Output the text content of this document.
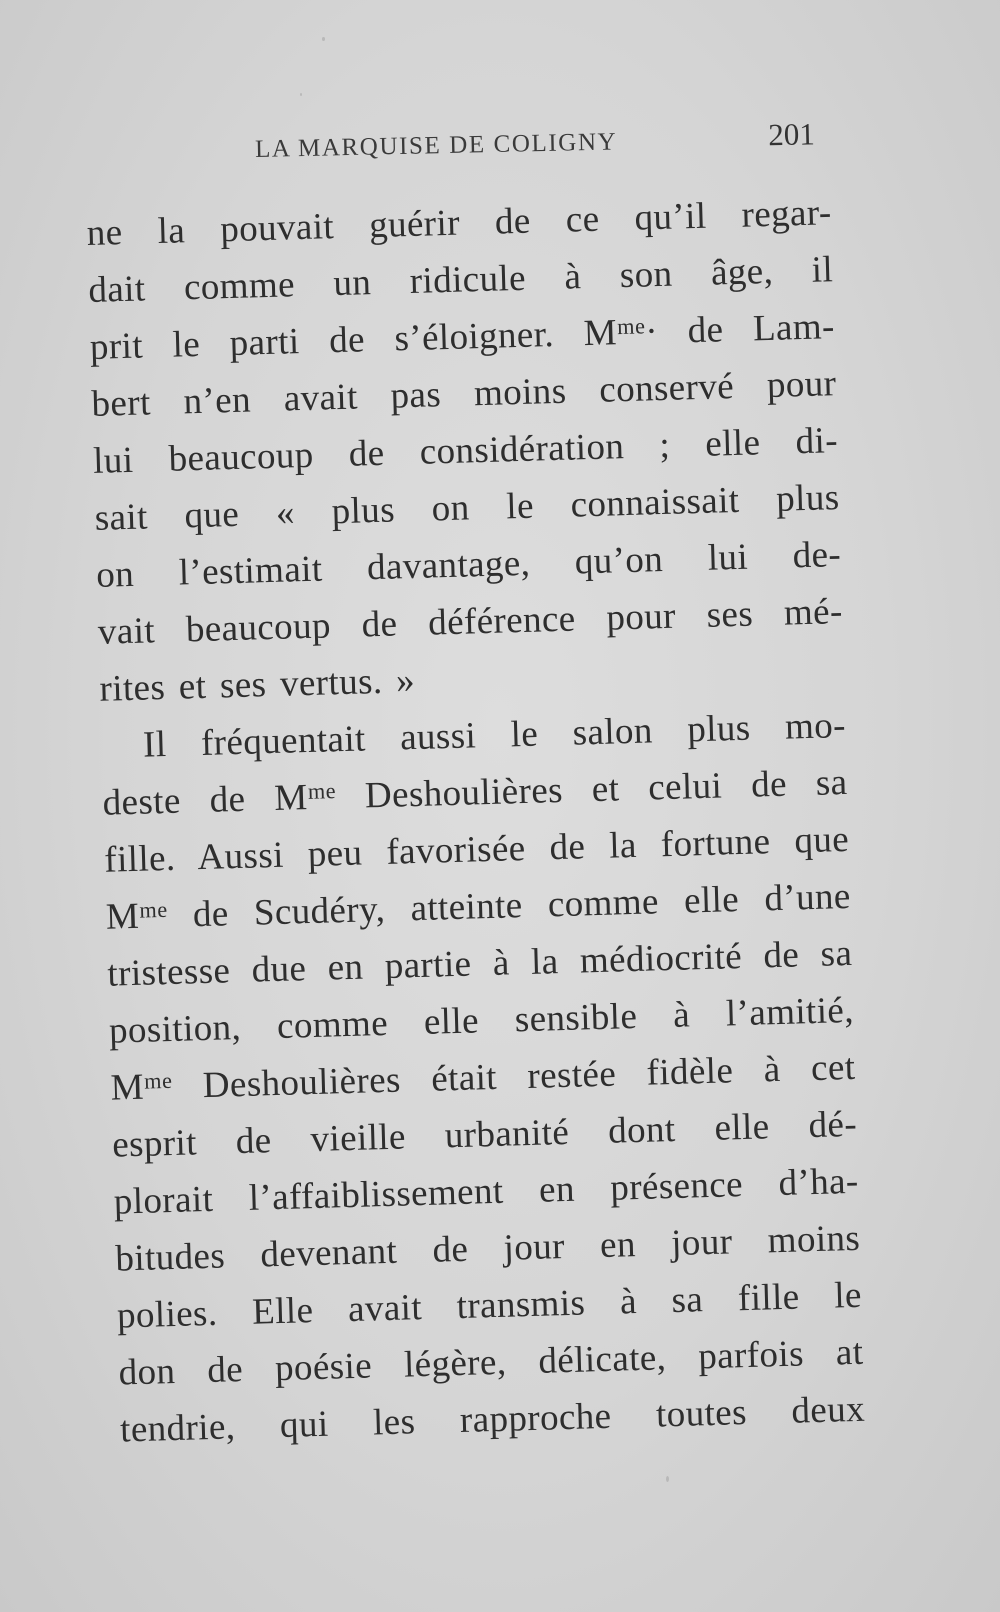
LA MARQUISE DE COLIGNY	201
ne la pouvait guérir de ce qu’il regar-
dait comme un ridicule à son âge, il
prit le parti de s’éloigner. Mᵐᵉ· de Lam-
bert n’en avait pas moins conservé pour
lui beaucoup de considération ; elle di-
sait que « plus on le connaissait plus
on l’estimait davantage, qu’on lui de-
vait beaucoup de déférence pour ses mé-
rites et ses vertus. »
Il fréquentait aussi le salon plus mo-
deste de Mᵐᵉ Deshoulières et celui de sa
fille. Aussi peu favorisée de la fortune que
Mᵐᵉ de Scudéry, atteinte comme elle d’une
tristesse due en partie à la médiocrité de sa
position, comme elle sensible à l’amitié,
Mᵐᵉ Deshoulières était restée fidèle à cet
esprit de vieille urbanité dont elle dé-
plorait l’affaiblissement en présence d’ha-
bitudes devenant de jour en jour moins
polies. Elle avait transmis à sa fille le
don de poésie légère, délicate, parfois at
tendrie, qui les rapproche toutes deux
